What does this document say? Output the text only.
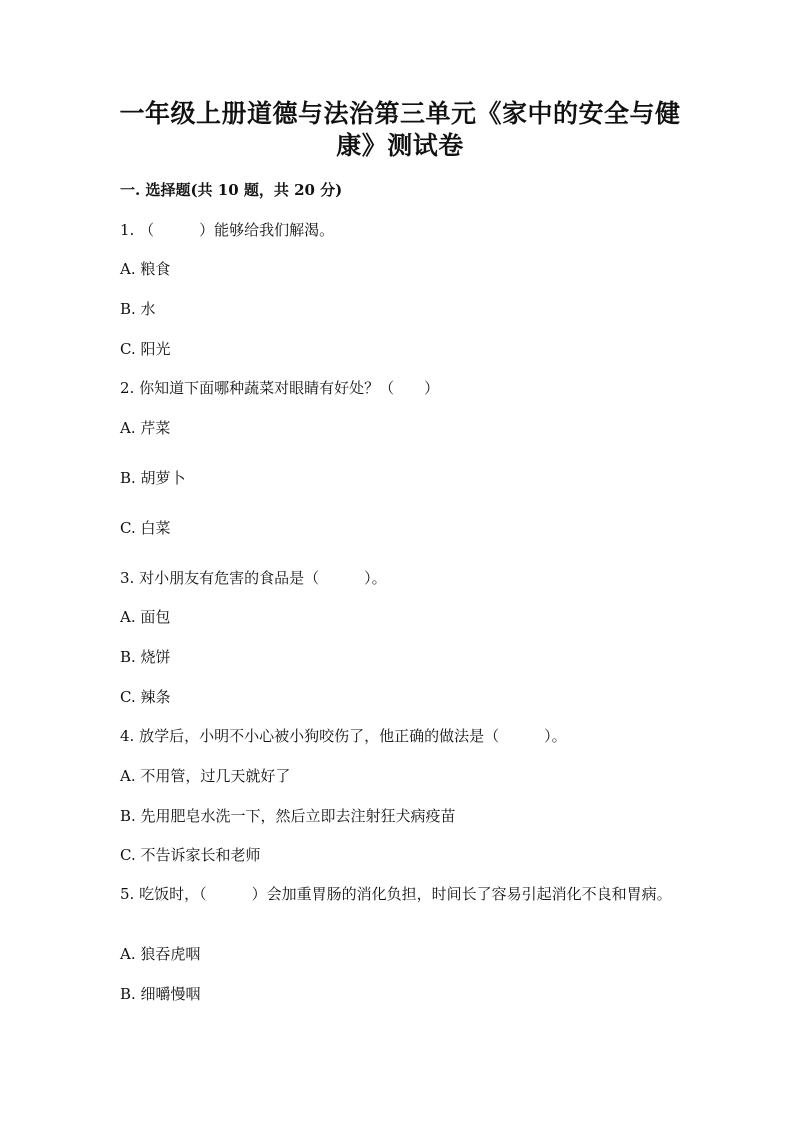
一年级上册道德与法治第三单元《家中的安全与健康》测试卷
一. 选择题(共 10 题，共 20 分)
1. （　　　）能够给我们解渴。
A. 粮食
B. 水
C. 阳光
2. 你知道下面哪种蔬菜对眼睛有好处？（　　）
A. 芹菜
B. 胡萝卜
C. 白菜
3. 对小朋友有危害的食品是（　　　）。
A. 面包
B. 烧饼
C. 辣条
4. 放学后，小明不小心被小狗咬伤了，他正确的做法是（　　　）。
A. 不用管，过几天就好了
B. 先用肥皂水洗一下，然后立即去注射狂犬病疫苗
C. 不告诉家长和老师
5. 吃饭时，（　　　）会加重胃肠的消化负担，时间长了容易引起消化不良和胃病。
A. 狼吞虎咽
B. 细嚼慢咽
